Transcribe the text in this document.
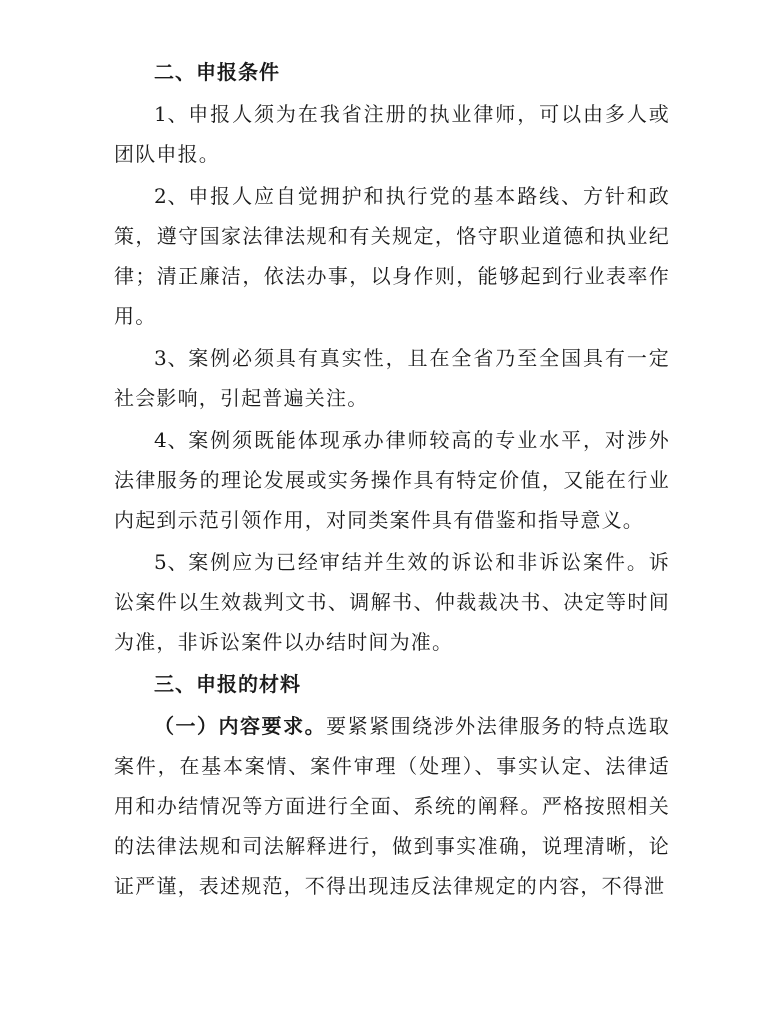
二、申报条件

1、申报人须为在我省注册的执业律师，可以由多人或团队申报。

2、申报人应自觉拥护和执行党的基本路线、方针和政策，遵守国家法律法规和有关规定，恪守职业道德和执业纪律；清正廉洁，依法办事，以身作则，能够起到行业表率作用。

3、案例必须具有真实性，且在全省乃至全国具有一定社会影响，引起普遍关注。

4、案例须既能体现承办律师较高的专业水平，对涉外法律服务的理论发展或实务操作具有特定价值，又能在行业内起到示范引领作用，对同类案件具有借鉴和指导意义。

5、案例应为已经审结并生效的诉讼和非诉讼案件。诉讼案件以生效裁判文书、调解书、仲裁裁决书、决定等时间为准，非诉讼案件以办结时间为准。

三、申报的材料

（一）内容要求。要紧紧围绕涉外法律服务的特点选取案件，在基本案情、案件审理（处理）、事实认定、法律适用和办结情况等方面进行全面、系统的阐释。严格按照相关的法律法规和司法解释进行，做到事实准确，说理清晰，论证严谨，表述规范，不得出现违反法律规定的内容，不得泄
